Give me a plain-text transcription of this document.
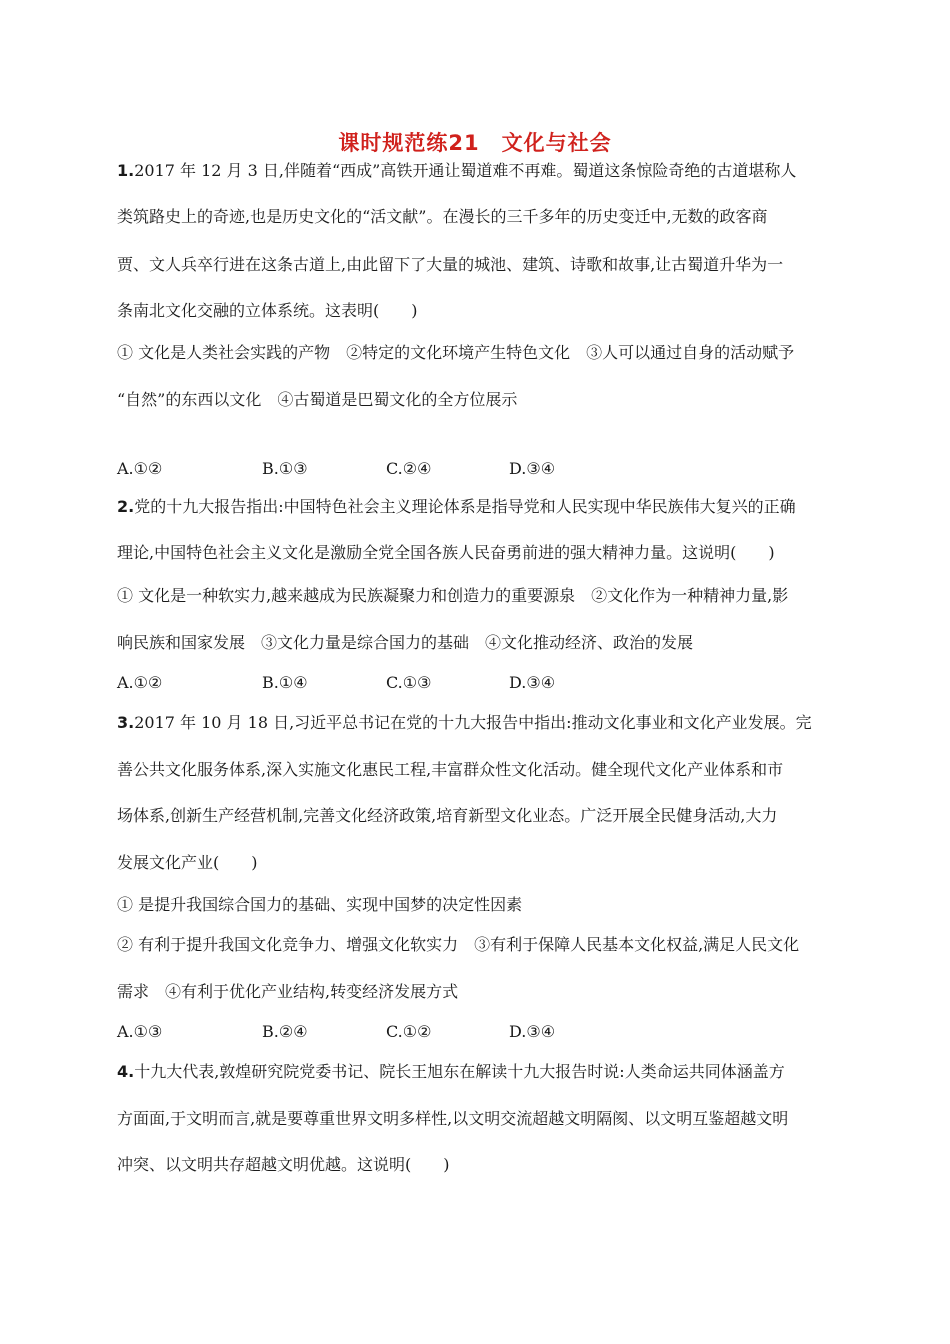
课时规范练21　文化与社会
1.2017 年 12 月 3 日,伴随着“西成”高铁开通让蜀道难不再难。蜀道这条惊险奇绝的古道堪称人
类筑路史上的奇迹,也是历史文化的“活文献”。在漫长的三千多年的历史变迁中,无数的政客商
贾、文人兵卒行进在这条古道上,由此留下了大量的城池、建筑、诗歌和故事,让古蜀道升华为一
条南北文化交融的立体系统。这表明(　　)
① 文化是人类社会实践的产物　②特定的文化环境产生特色文化　③人可以通过自身的活动赋予
“自然”的东西以文化　④古蜀道是巴蜀文化的全方位展示
A.①②	B.①③	C.②④	D.③④
2.党的十九大报告指出:中国特色社会主义理论体系是指导党和人民实现中华民族伟大复兴的正确
理论,中国特色社会主义文化是激励全党全国各族人民奋勇前进的强大精神力量。这说明(　　)
① 文化是一种软实力,越来越成为民族凝聚力和创造力的重要源泉　②文化作为一种精神力量,影
响民族和国家发展　③文化力量是综合国力的基础　④文化推动经济、政治的发展
A.①②	B.①④	C.①③	D.③④
3.2017 年 10 月 18 日,习近平总书记在党的十九大报告中指出:推动文化事业和文化产业发展。完
善公共文化服务体系,深入实施文化惠民工程,丰富群众性文化活动。健全现代文化产业体系和市
场体系,创新生产经营机制,完善文化经济政策,培育新型文化业态。广泛开展全民健身活动,大力
发展文化产业(　　)
① 是提升我国综合国力的基础、实现中国梦的决定性因素
② 有利于提升我国文化竞争力、增强文化软实力　③有利于保障人民基本文化权益,满足人民文化
需求　④有利于优化产业结构,转变经济发展方式
A.①③	B.②④	C.①②	D.③④
4.十九大代表,敦煌研究院党委书记、院长王旭东在解读十九大报告时说:人类命运共同体涵盖方
方面面,于文明而言,就是要尊重世界文明多样性,以文明交流超越文明隔阂、以文明互鉴超越文明
冲突、以文明共存超越文明优越。这说明(　　)
